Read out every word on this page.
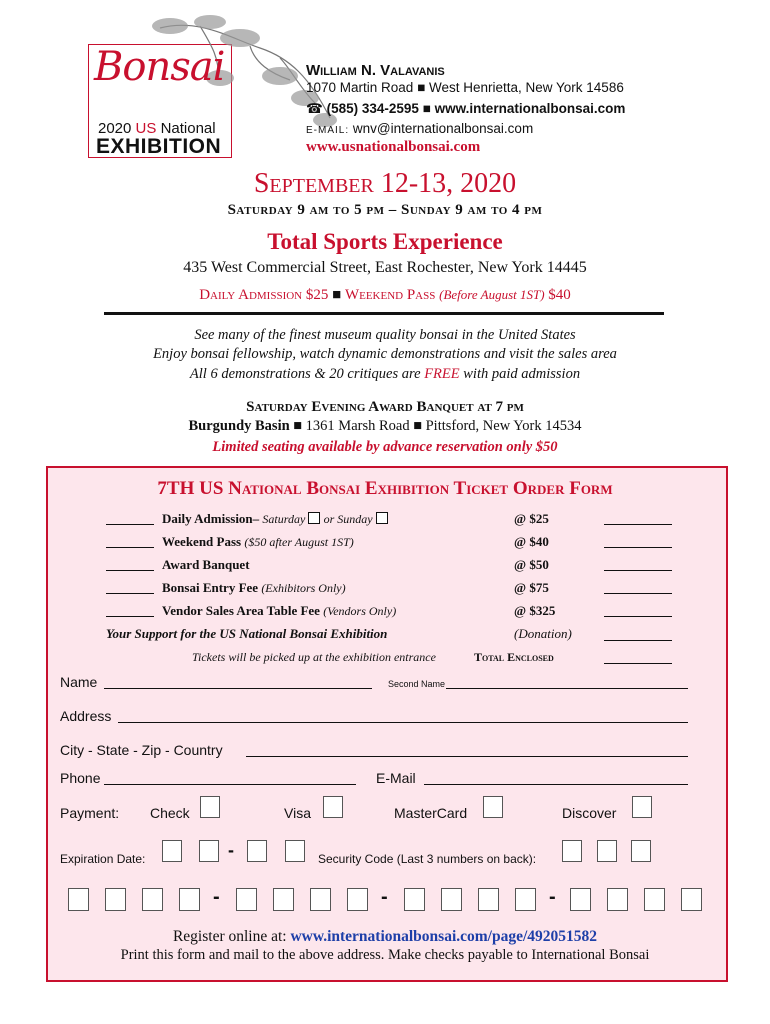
Bonsai
2020 US National
EXHIBITION
William N. Valavanis
1070 Martin Road ■ West Henrietta, New York 14586
☎ (585) 334-2595 ■ www.internationalbonsai.com
E-MAIL: wnv@internationalbonsai.com
www.usnationalbonsai.com
September 12-13, 2020
Saturday 9 am to 5 pm – Sunday 9 am to 4 pm
Total Sports Experience
435 West Commercial Street, East Rochester, New York 14445
Daily Admission $25 ■ Weekend Pass (Before August 1ST) $40
See many of the finest museum quality bonsai in the United States
Enjoy bonsai fellowship, watch dynamic demonstrations and visit the sales area
All 6 demonstrations & 20 critiques are FREE with paid admission
Saturday Evening Award Banquet at 7 pm
Burgundy Basin ■ 1361 Marsh Road ■ Pittsford, New York 14534
Limited seating available by advance reservation only $50
7TH US National Bonsai Exhibition Ticket Order Form
Daily Admission– Saturday or Sunday	@ $25
Weekend Pass ($50 after August 1ST)	@ $40
Award Banquet	@ $50
Bonsai Entry Fee (Exhibitors Only)	@ $75
Vendor Sales Area Table Fee (Vendors Only)	@ $325
Your Support for the US National Bonsai Exhibition	(Donation)
Tickets will be picked up at the exhibition entrance	Total Enclosed
Name	Second Name
Address
City - State - Zip - Country
Phone	E-Mail
Payment: Check	Visa	MasterCard	Discover
Expiration Date:	-	Security Code (Last 3 numbers on back):
-	-	-
Register online at: www.internationalbonsai.com/page/492051582
Print this form and mail to the above address. Make checks payable to International Bonsai
